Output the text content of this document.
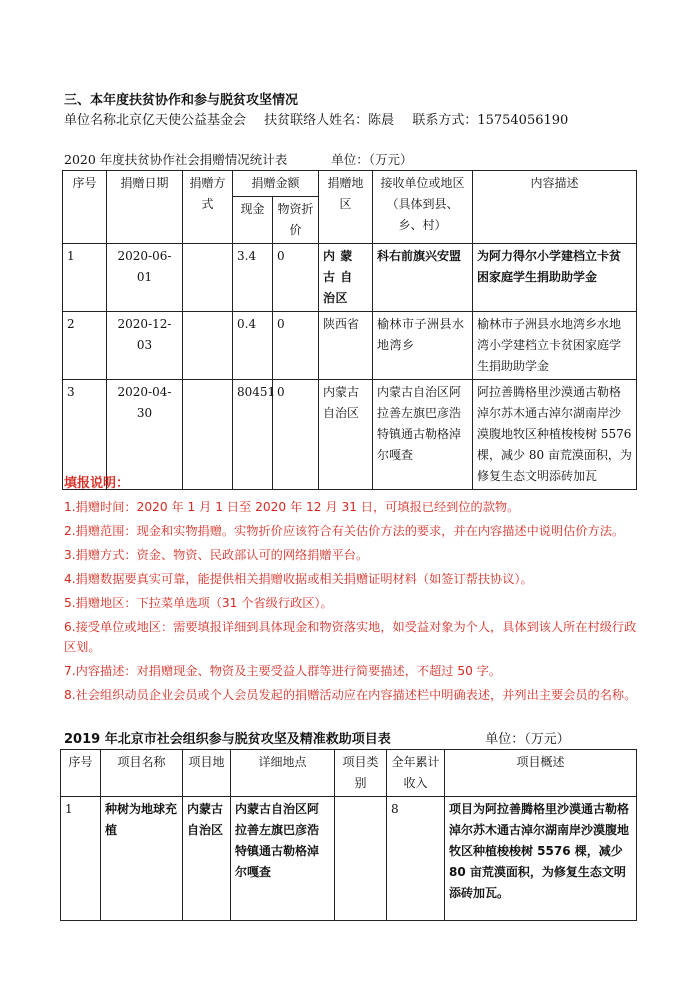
三、本年度扶贫协作和参与脱贫攻坚情况
单位名称北京亿天使公益基金会 扶贫联络人姓名：陈晨 联系方式：15754056190
2020 年度扶贫协作社会捐赠情况统计表	单位：（万元）
序号	捐赠日期	捐赠方式	捐赠金额		捐赠地区	接收单位或地区（具体到县、乡、村）	内容描述
			现金	物资折价			
1	2020-06-01		3.4	0	内 蒙 古 自 治区	科右前旗兴安盟	为阿力得尔小学建档立卡贫困家庭学生捐助助学金
2	2020-12-03		0.4	0	陕西省	榆林市子洲县水地湾乡	榆林市子洲县水地湾乡水地湾小学建档立卡贫困家庭学生捐助助学金
3	2020-04-30		80451	0	内蒙古自治区	内蒙古自治区阿拉善左旗巴彦浩特镇通古勒格淖尔嘎查	阿拉善腾格里沙漠通古勒格淖尔苏木通古淖尔湖南岸沙漠腹地牧区种植梭梭树 5576 棵，减少 80 亩荒漠面积，为修复生态文明添砖加瓦
填报说明：
1.捐赠时间：2020 年 1 月 1 日至 2020 年 12 月 31 日，可填报已经到位的款物。
2.捐赠范围：现金和实物捐赠。实物折价应该符合有关估价方法的要求，并在内容描述中说明估价方法。
3.捐赠方式：资金、物资、民政部认可的网络捐赠平台。
4.捐赠数据要真实可靠，能提供相关捐赠收据或相关捐赠证明材料（如签订帮扶协议）。
5.捐赠地区：下拉菜单选项（31 个省级行政区）。
6.接受单位或地区：需要填报详细到具体现金和物资落实地，如受益对象为个人，具体到该人所在村级行政区划。
7.内容描述：对捐赠现金、物资及主要受益人群等进行简要描述，不超过 50 字。
8.社会组织动员企业会员或个人会员发起的捐赠活动应在内容描述栏中明确表述，并列出主要会员的名称。
2019 年北京市社会组织参与脱贫攻坚及精准救助项目表	单位：（万元）
序号	项目名称	项目地	详细地点	项目类别	全年累计收入	项目概述
1	种树为地球充植	内蒙古自治区	内蒙古自治区阿拉善左旗巴彦浩特镇通古勒格淖尔嘎查		8	项目为阿拉善腾格里沙漠通古勒格淖尔苏木通古淖尔湖南岸沙漠腹地牧区种植梭梭树 5576 棵，减少 80 亩荒漠面积，为修复生态文明添砖加瓦。
